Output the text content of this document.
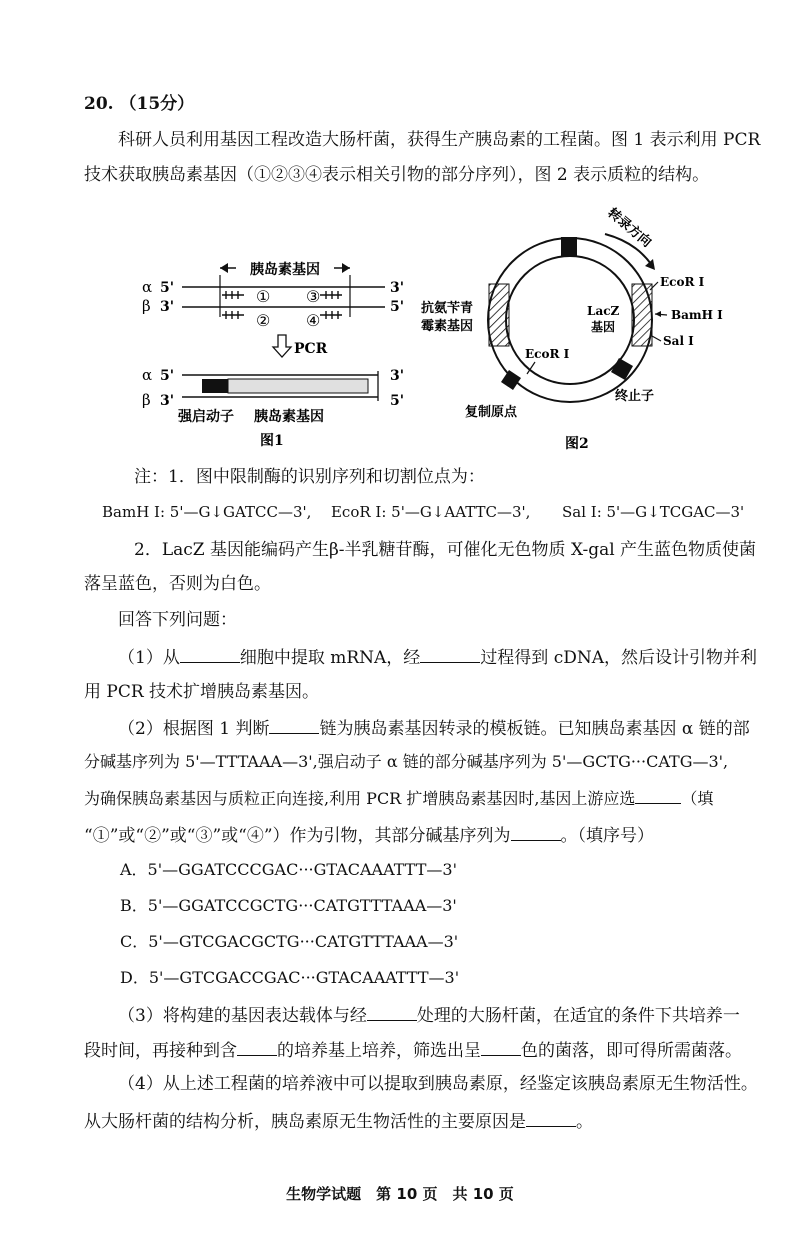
20. （15分）
科研人员利用基因工程改造大肠杆菌，获得生产胰岛素的工程菌。图 1 表示利用 PCR
技术获取胰岛素基因（①②③④表示相关引物的部分序列），图 2 表示质粒的结构。
胰岛素基因
α 5'	3'
β 3'	5'
① ③
② ④
PCR
α 5'	3'
β 3'	5'
强启动子 胰岛素基因
图1
转录方向
EcoR I
BamH I
Sal I
LacZ
基因
抗氨苄青
霉素基因
EcoR I
终止子
复制原点
图2
注：1．图中限制酶的识别序列和切割位点为：
BamH Ⅰ: 5'—G↓GATCC—3', EcoR Ⅰ: 5'—G↓AATTC—3', Sal Ⅰ: 5'—G↓TCGAC—3'
2．LacZ 基因能编码产生β-半乳糖苷酶，可催化无色物质 X-gal 产生蓝色物质使菌
落呈蓝色，否则为白色。
回答下列问题：
（1）从	细胞中提取 mRNA，经	过程得到 cDNA，然后设计引物并利
用 PCR 技术扩增胰岛素基因。
（2）根据图 1 判断	链为胰岛素基因转录的模板链。已知胰岛素基因 α 链的部
分碱基序列为 5'—TTTAAA—3',强启动子 α 链的部分碱基序列为 5'—GCTG···CATG—3',
为确保胰岛素基因与质粒正向连接,利用 PCR 扩增胰岛素基因时,基因上游应选	（填
“①”或“②”或“③”或“④”）作为引物，其部分碱基序列为	。（填序号）
A．5'—GGATCCCGAC···GTACAAATTT—3'
B．5'—GGATCCGCTG···CATGTTTAAA—3'
C．5'—GTCGACGCTG···CATGTTTAAA—3'
D．5'—GTCGACCGAC···GTACAAATTT—3'
（3）将构建的基因表达载体与经	处理的大肠杆菌，在适宜的条件下共培养一
段时间，再接种到含 的培养基上培养，筛选出呈 色的菌落，即可得所需菌落。
（4）从上述工程菌的培养液中可以提取到胰岛素原，经鉴定该胰岛素原无生物活性。
从大肠杆菌的结构分析，胰岛素原无生物活性的主要原因是	。
生物学试题　第 10 页　共 10 页
